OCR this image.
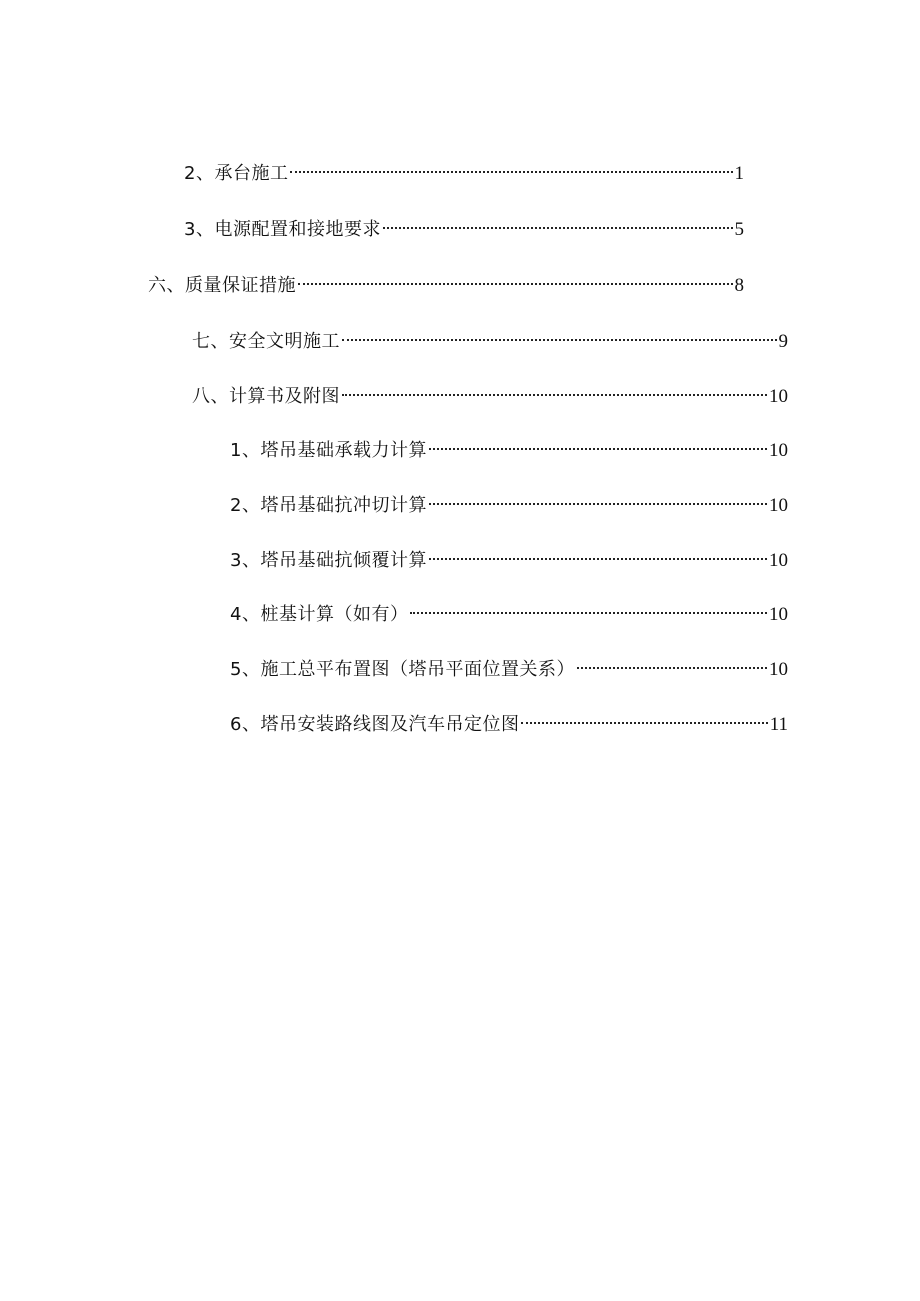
2、承台施工	1
3、电源配置和接地要求	5
六、质量保证措施	8
七、安全文明施工	9
八、计算书及附图	10
1、塔吊基础承载力计算	10
2、塔吊基础抗冲切计算	10
3、塔吊基础抗倾覆计算	10
4、桩基计算（如有）	10
5、施工总平布置图（塔吊平面位置关系）	10
6、塔吊安装路线图及汽车吊定位图	11
